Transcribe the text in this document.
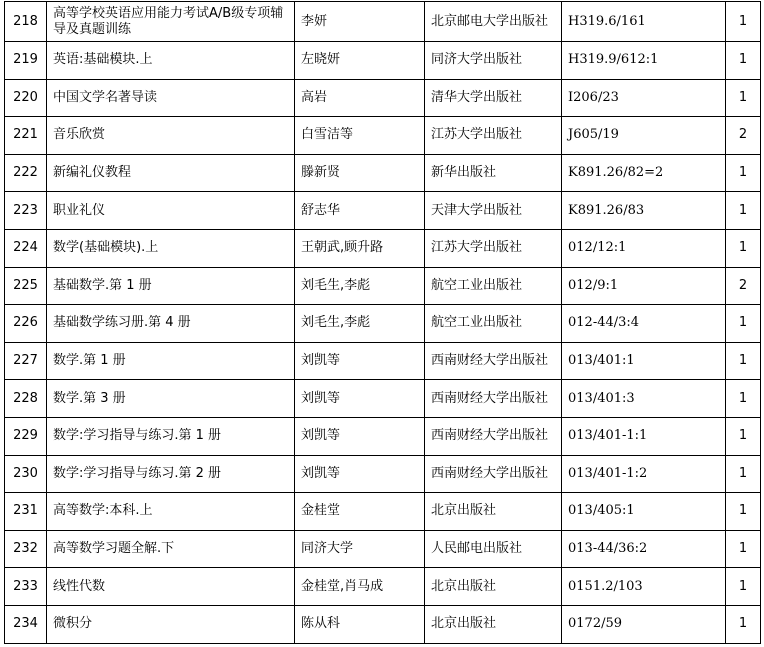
218	高等学校英语应用能力考试A/B级专项辅导及真题训练	李妍	北京邮电大学出版社	H319.6/161	1
219	英语:基础模块.上	左晓妍	同济大学出版社	H319.9/612:1	1
220	中国文学名著导读	高岩	清华大学出版社	I206/23	1
221	音乐欣赏	白雪洁等	江苏大学出版社	J605/19	2
222	新编礼仪教程	滕新贤	新华出版社	K891.26/82=2	1
223	职业礼仪	舒志华	天津大学出版社	K891.26/83	1
224	数学(基础模块).上	王朝武,顾升路	江苏大学出版社	012/12:1	1
225	基础数学.第 1 册	刘毛生,李彪	航空工业出版社	012/9:1	2
226	基础数学练习册.第 4 册	刘毛生,李彪	航空工业出版社	012-44/3:4	1
227	数学.第 1 册	刘凯等	西南财经大学出版社	013/401:1	1
228	数学.第 3 册	刘凯等	西南财经大学出版社	013/401:3	1
229	数学:学习指导与练习.第 1 册	刘凯等	西南财经大学出版社	013/401-1:1	1
230	数学:学习指导与练习.第 2 册	刘凯等	西南财经大学出版社	013/401-1:2	1
231	高等数学:本科.上	金桂堂	北京出版社	013/405:1	1
232	高等数学习题全解.下	同济大学	人民邮电出版社	013-44/36:2	1
233	线性代数	金桂堂,肖马成	北京出版社	0151.2/103	1
234	微积分	陈从科	北京出版社	0172/59	1
